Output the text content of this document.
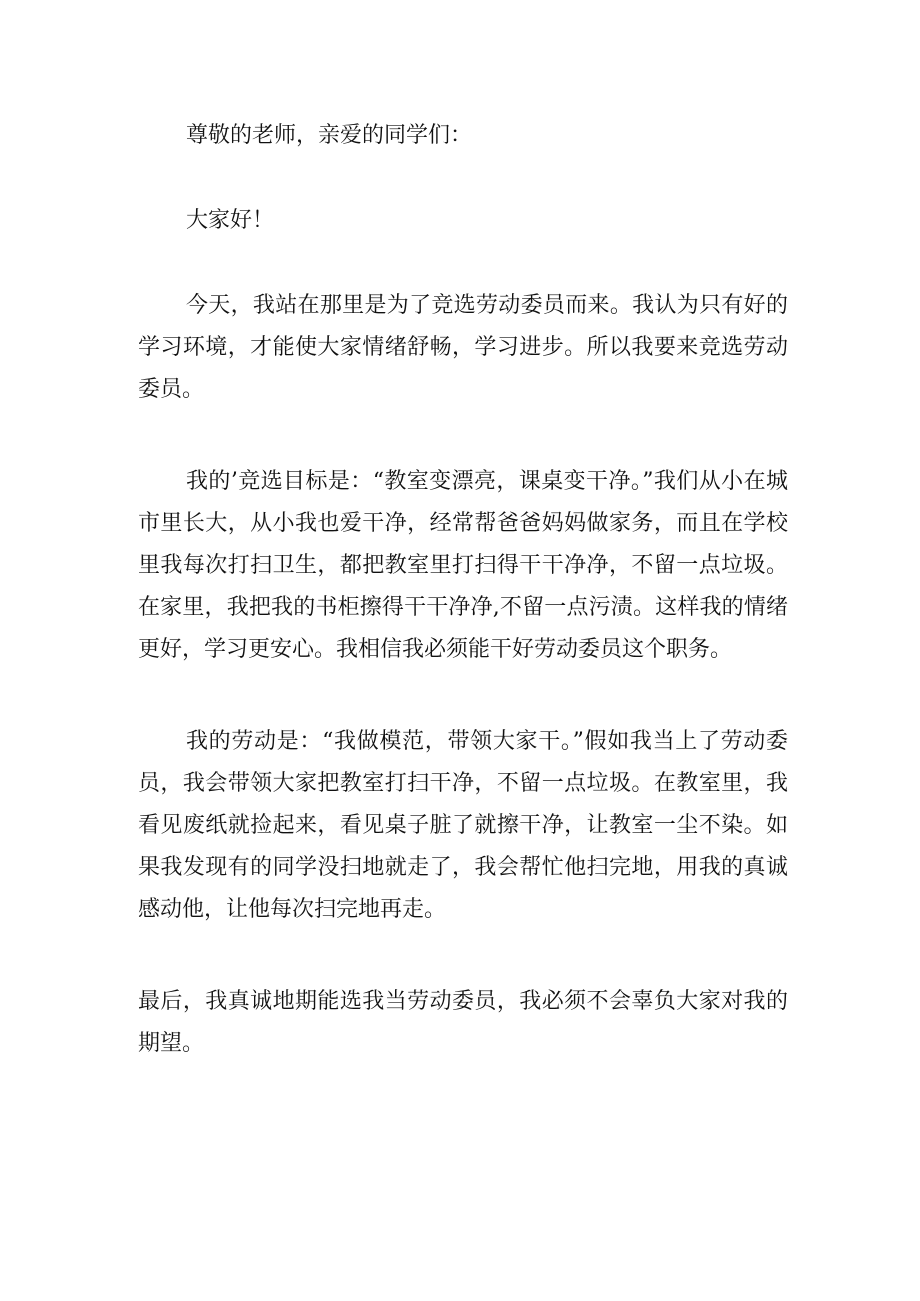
尊敬的老师，亲爱的同学们：

大家好！

今天，我站在那里是为了竞选劳动委员而来。我认为只有好的学习环境，才能使大家情绪舒畅，学习进步。所以我要来竞选劳动委员。

我的’竞选目标是：“教室变漂亮，课桌变干净。”我们从小在城市里长大，从小我也爱干净，经常帮爸爸妈妈做家务，而且在学校里我每次打扫卫生，都把教室里打扫得干干净净，不留一点垃圾。在家里，我把我的书柜擦得干干净净,不留一点污渍。这样我的情绪更好，学习更安心。我相信我必须能干好劳动委员这个职务。

我的劳动是：“我做模范，带领大家干。”假如我当上了劳动委员，我会带领大家把教室打扫干净，不留一点垃圾。在教室里，我看见废纸就捡起来，看见桌子脏了就擦干净，让教室一尘不染。如果我发现有的同学没扫地就走了，我会帮忙他扫完地，用我的真诚感动他，让他每次扫完地再走。

最后，我真诚地期能选我当劳动委员，我必须不会辜负大家对我的期望。
